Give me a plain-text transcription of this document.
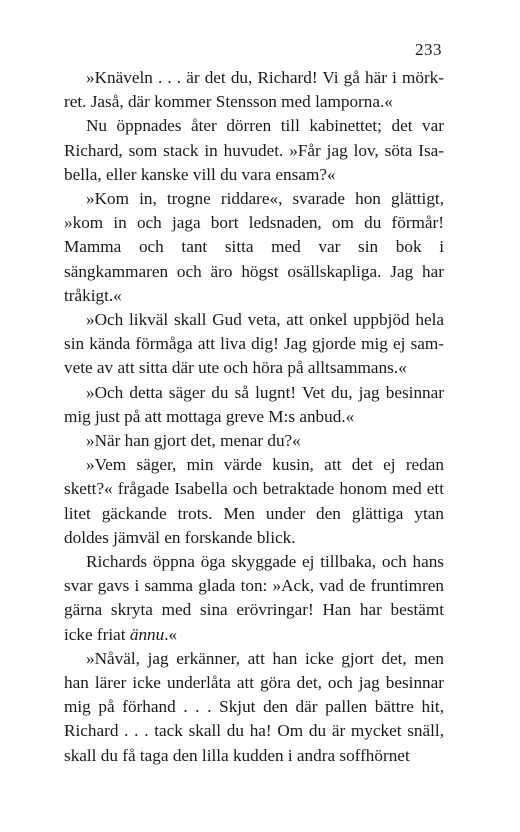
233

»Knäveln . . . är det du, Richard! Vi gå här i mörk-ret. Jaså, där kommer Stensson med lamporna.«

Nu öppnades åter dörren till kabinettet; det var Richard, som stack in huvudet. »Får jag lov, söta Isa-bella, eller kanske vill du vara ensam?«

»Kom in, trogne riddare«, svarade hon glättigt, »kom in och jaga bort ledsnaden, om du förmår! Mamma och tant sitta med var sin bok i sängkammaren och äro högst osällskapliga. Jag har tråkigt.«

»Och likväl skall Gud veta, att onkel uppbjöd hela sin kända förmåga att liva dig! Jag gjorde mig ej sam-vete av att sitta där ute och höra på alltsammans.«

»Och detta säger du så lugnt! Vet du, jag besinnar mig just på att mottaga greve M:s anbud.«

»När han gjort det, menar du?«

»Vem säger, min värde kusin, att det ej redan skett?« frågade Isabella och betraktade honom med ett litet gäckande trots. Men under den glättiga ytan doldes jämväl en forskande blick.

Richards öppna öga skyggade ej tillbaka, och hans svar gavs i samma glada ton: »Ack, vad de fruntimren gärna skryta med sina erövringar! Han har bestämt icke friat ännu.«

»Nåväl, jag erkänner, att han icke gjort det, men han lärer icke underlåta att göra det, och jag besinnar mig på förhand . . . Skjut den där pallen bättre hit, Richard . . . tack skall du ha! Om du är mycket snäll, skall du få taga den lilla kudden i andra soffhörnet
